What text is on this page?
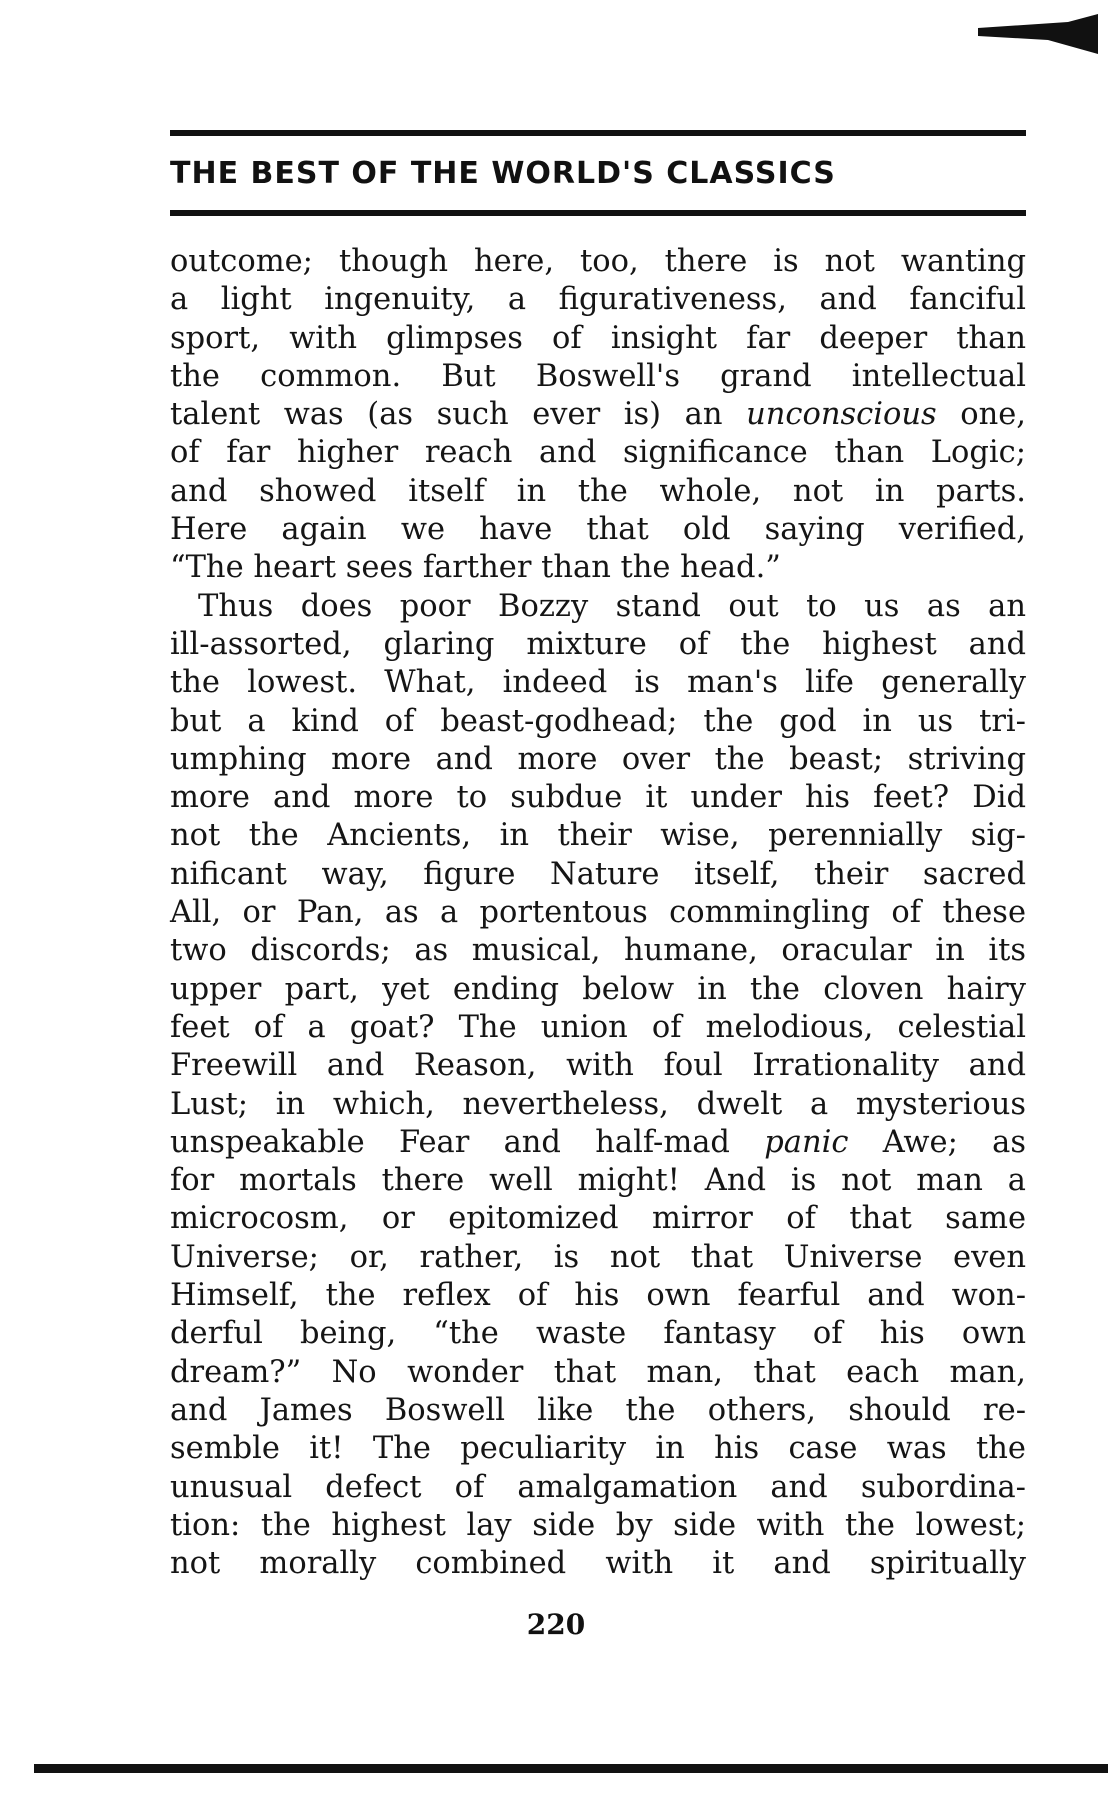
THE BEST OF THE WORLD'S CLASSICS
outcome; though here, too, there is not wanting
a light ingenuity, a figurativeness, and fanciful
sport, with glimpses of insight far deeper than
the common. But Boswell's grand intellectual
talent was (as such ever is) an unconscious one,
of far higher reach and significance than Logic;
and showed itself in the whole, not in parts.
Here again we have that old saying verified,
“The heart sees farther than the head.”
Thus does poor Bozzy stand out to us as an
ill-assorted, glaring mixture of the highest and
the lowest. What, indeed is man's life generally
but a kind of beast-godhead; the god in us tri-
umphing more and more over the beast; striving
more and more to subdue it under his feet? Did
not the Ancients, in their wise, perennially sig-
nificant way, figure Nature itself, their sacred
All, or Pan, as a portentous commingling of these
two discords; as musical, humane, oracular in its
upper part, yet ending below in the cloven hairy
feet of a goat? The union of melodious, celestial
Freewill and Reason, with foul Irrationality and
Lust; in which, nevertheless, dwelt a mysterious
unspeakable Fear and half-mad panic Awe; as
for mortals there well might! And is not man a
microcosm, or epitomized mirror of that same
Universe; or, rather, is not that Universe even
Himself, the reflex of his own fearful and won-
derful being, “the waste fantasy of his own
dream?” No wonder that man, that each man,
and James Boswell like the others, should re-
semble it! The peculiarity in his case was the
unusual defect of amalgamation and subordina-
tion: the highest lay side by side with the lowest;
not morally combined with it and spiritually
220
